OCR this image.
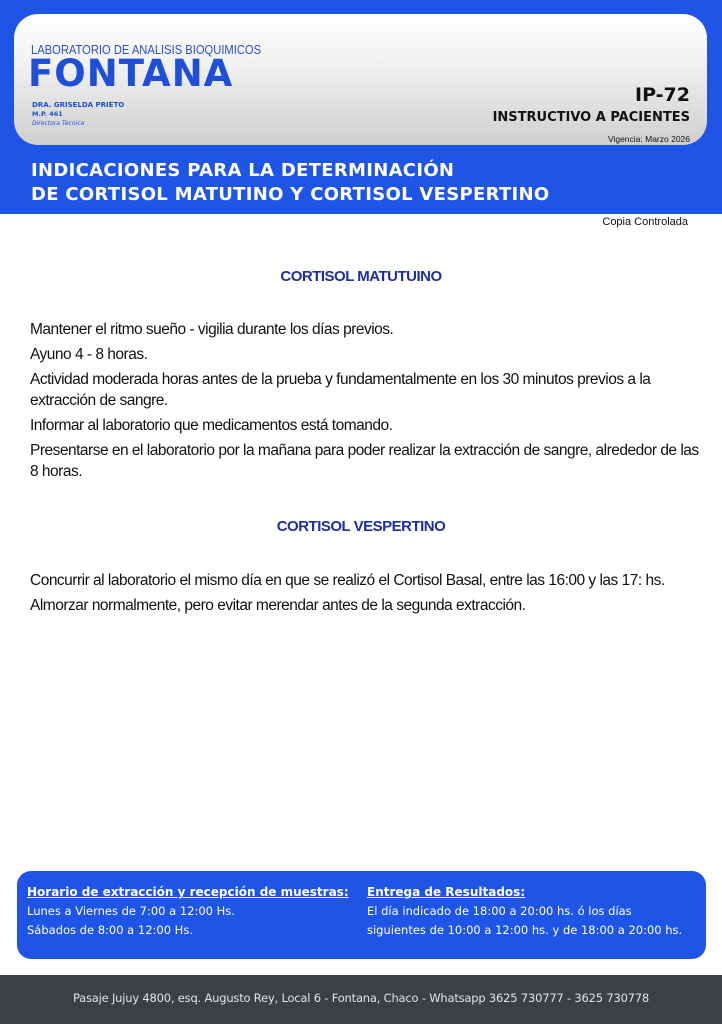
LABORATORIO DE ANALISIS BIOQUIMICOS
FONTANA
DRA. GRISELDA PRIETO
M.P. 461
Directora Técnica
IP-72
INSTRUCTIVO A PACIENTES
Vigencia: Marzo 2026
INDICACIONES PARA LA DETERMINACIÓN
DE CORTISOL MATUTINO Y CORTISOL VESPERTINO
Copia Controlada
CORTISOL MATUTUINO

Mantener el ritmo sueño - vigilia durante los días previos.

Ayuno 4 - 8 horas.

Actividad moderada horas antes de la prueba y fundamentalmente en los 30 minutos previos a la extracción de sangre.

Informar al laboratorio que medicamentos está tomando.

Presentarse en el laboratorio por la mañana para poder realizar la extracción de sangre, alrededor de las 8 horas.

CORTISOL VESPERTINO

Concurrir al laboratorio el mismo día en que se realizó el Cortisol Basal, entre las 16:00 y las 17: hs.

Almorzar normalmente, pero evitar merendar antes de la segunda extracción.

Horario de extracción y recepción de muestras:
Lunes a Viernes de 7:00 a 12:00 Hs.
Sábados de 8:00 a 12:00 Hs.
Entrega de Resultados:
El día indicado de 18:00 a 20:00 hs. ó los días
siguientes de 10:00 a 12:00 hs. y de 18:00 a 20:00 hs.
Pasaje Jujuy 4800, esq. Augusto Rey, Local 6 - Fontana, Chaco - Whatsapp 3625 730777 - 3625 730778
